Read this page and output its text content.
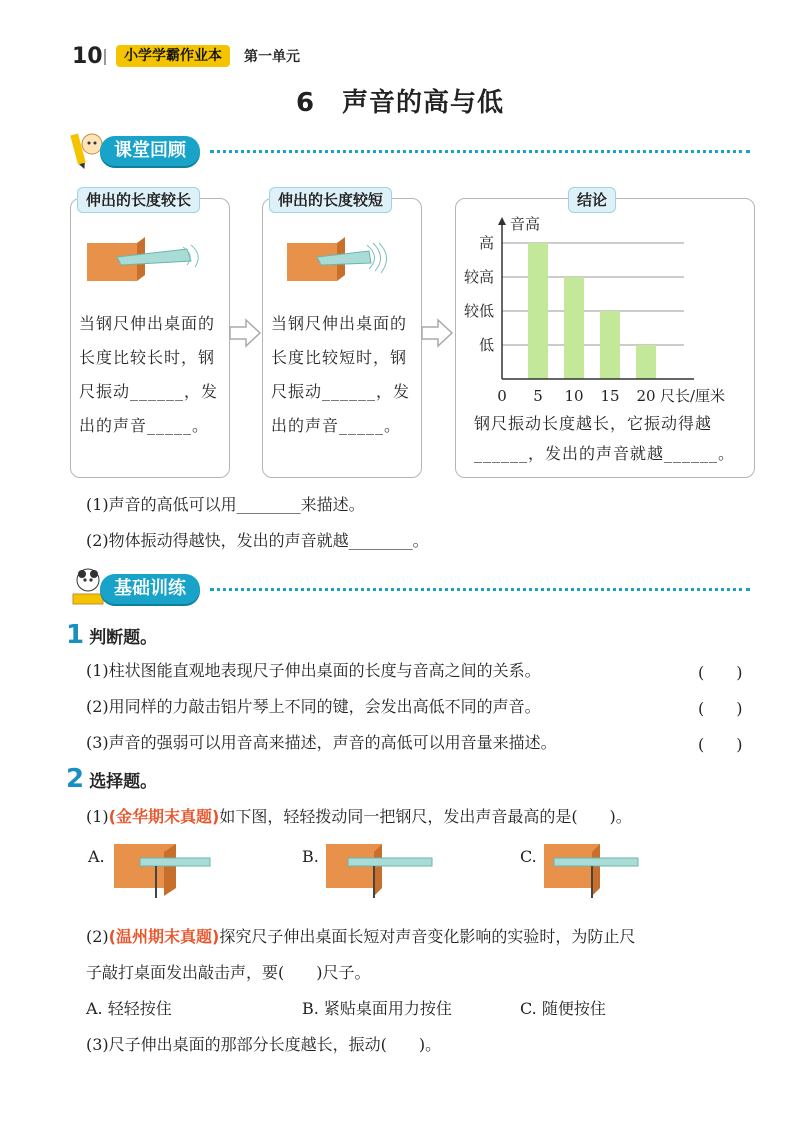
10	小学学霸作业本	第一单元
6　声音的高与低
课堂回顾
伸出的长度较长
当钢尺伸出桌面的
长度比较长时，钢
尺振动______，发
出的声音_____。
伸出的长度较短
当钢尺伸出桌面的
长度比较短时，钢
尺振动______，发
出的声音_____。
结论
音高
低
较低
较高
高
0 5 10 15 20 尺长/厘米
钢尺振动长度越长，它振动得越
______，发出的声音就越______。
(1)声音的高低可以用________来描述。
(2)物体振动得越快，发出的声音就越________。
基础训练
1 判断题。
(1)柱状图能直观地表现尺子伸出桌面的长度与音高之间的关系。	(　　)
(2)用同样的力敲击铝片琴上不同的键，会发出高低不同的声音。	(　　)
(3)声音的强弱可以用音高来描述，声音的高低可以用音量来描述。	(　　)
2 选择题。
(1)(金华期末真题)如下图，轻轻拨动同一把钢尺，发出声音最高的是(　　)。
A.	B.	C.
(2)(温州期末真题)探究尺子伸出桌面长短对声音变化影响的实验时，为防止尺
子敲打桌面发出敲击声，要(　　)尺子。
A. 轻轻按住	B. 紧贴桌面用力按住	C. 随便按住
(3)尺子伸出桌面的那部分长度越长，振动(　　)。
